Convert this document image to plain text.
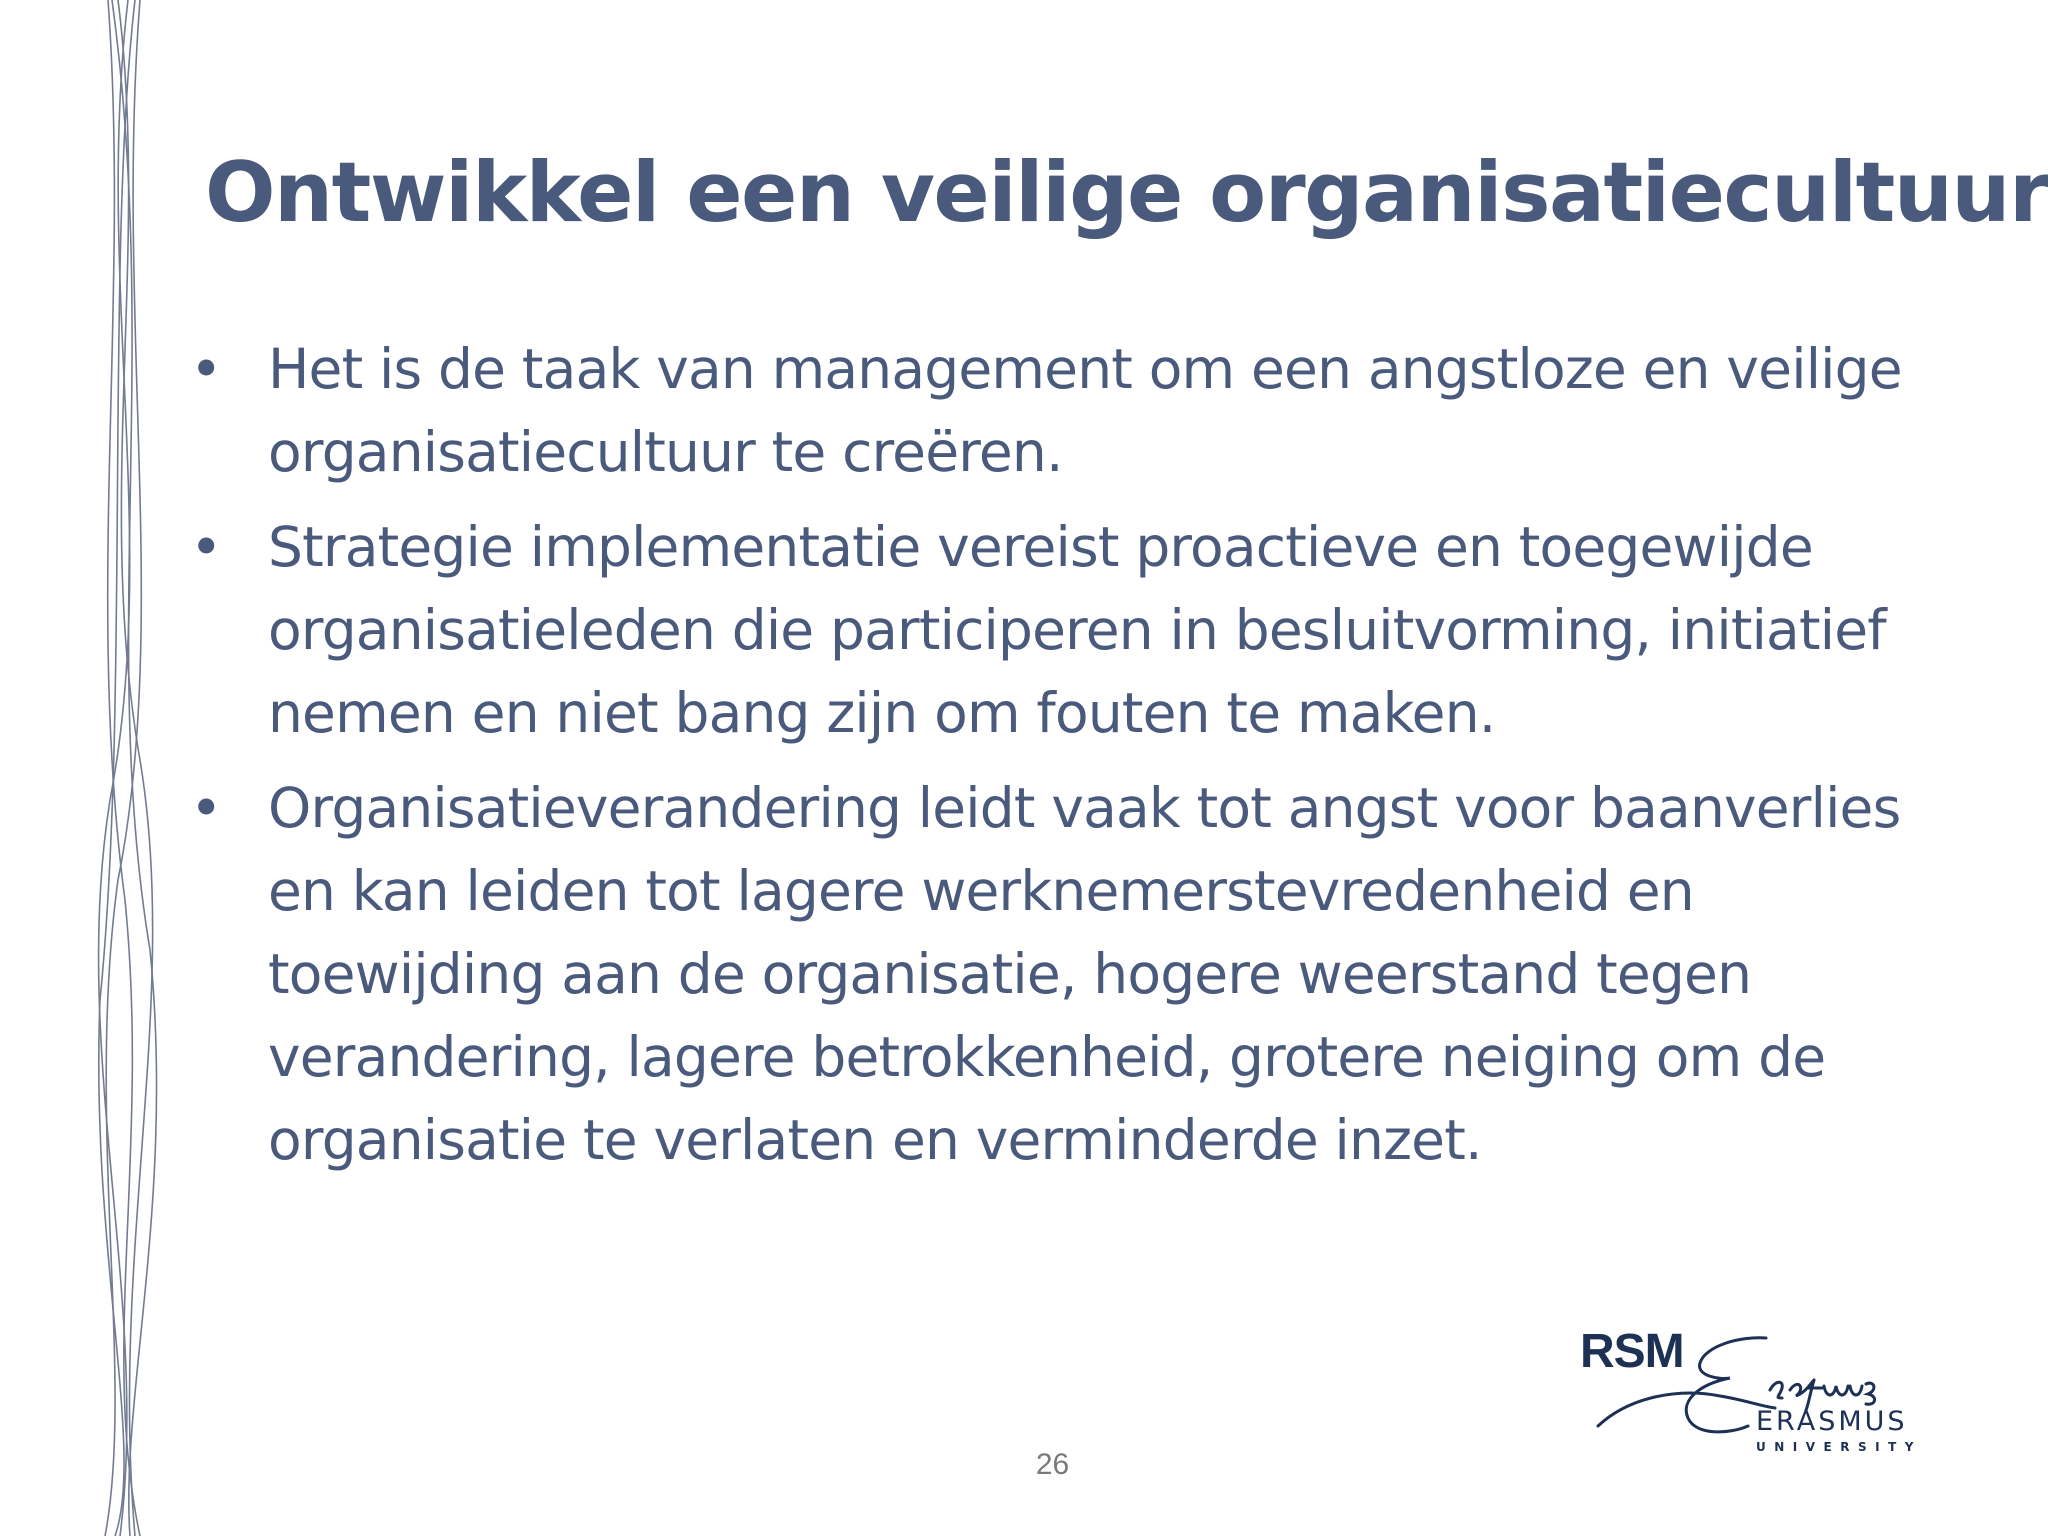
Ontwikkel een veilige organisatiecultuur
• Het is de taak van management om een angstloze en veilige organisatiecultuur te creëren.
• Strategie implementatie vereist proactieve en toegewijde organisatieleden die participeren in besluitvorming, initiatief nemen en niet bang zijn om fouten te maken.
• Organisatieverandering leidt vaak tot angst voor baanverlies en kan leiden tot lagere werknemerstevredenheid en toewijding aan de organisatie, hogere weerstand tegen verandering, lagere betrokkenheid, grotere neiging om de organisatie te verlaten en verminderde inzet.
26
RSM
ERASMUS
UNIVERSITY
